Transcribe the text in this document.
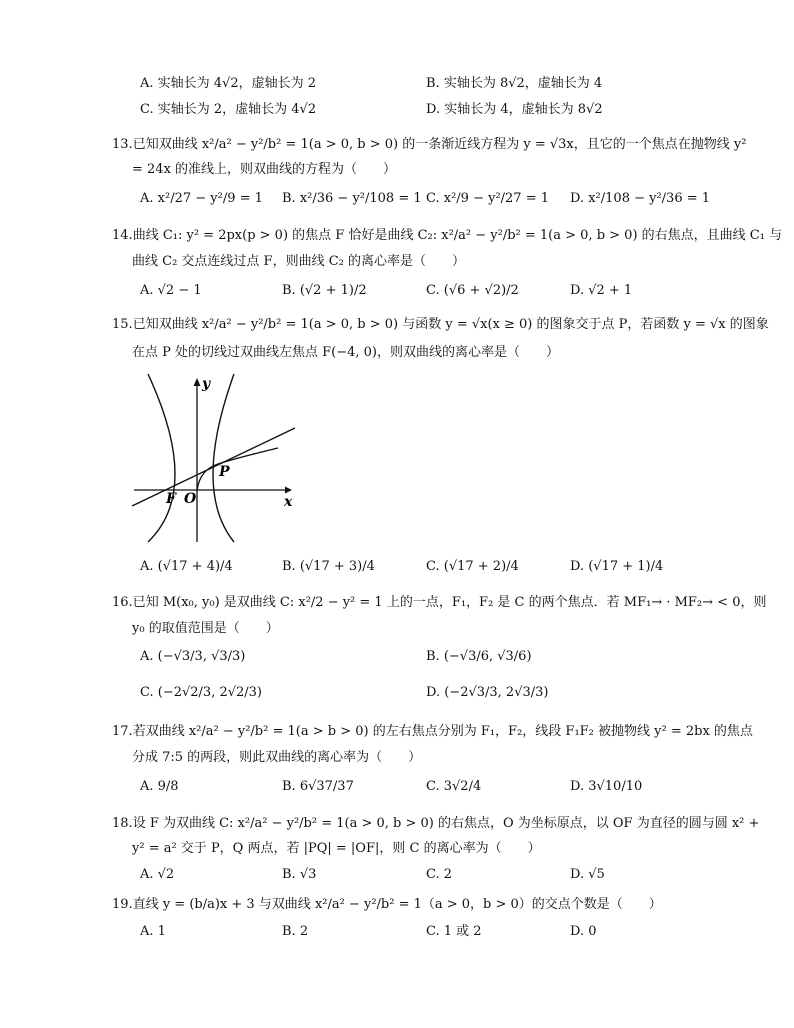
A. 实轴长为 4√2，虚轴长为 2	B. 实轴长为 8√2，虚轴长为 4
C. 实轴长为 2，虚轴长为 4√2	D. 实轴长为 4，虚轴长为 8√2
13.已知双曲线 x²/a² − y²/b² = 1(a > 0, b > 0) 的一条渐近线方程为 y = √3x，且它的一个焦点在抛物线 y²
= 24x 的准线上，则双曲线的方程为（　　）
A. x²/27 − y²/9 = 1 B. x²/36 − y²/108 = 1 C. x²/9 − y²/27 = 1 D. x²/108 − y²/36 = 1
14.曲线 C₁: y² = 2px(p > 0) 的焦点 F 恰好是曲线 C₂: x²/a² − y²/b² = 1(a > 0, b > 0) 的右焦点，且曲线 C₁ 与
曲线 C₂ 交点连线过点 F，则曲线 C₂ 的离心率是（　　）
A. √2 − 1	B. (√2 + 1)/2	C. (√6 + √2)/2	D. √2 + 1
15.已知双曲线 x²/a² − y²/b² = 1(a > 0, b > 0) 与函数 y = √x(x ≥ 0) 的图象交于点 P，若函数 y = √x 的图象
在点 P 处的切线过双曲线左焦点 F(−4, 0)，则双曲线的离心率是（　　）
y
x
O
F
P
A. (√17 + 4)/4	B. (√17 + 3)/4	C. (√17 + 2)/4	D. (√17 + 1)/4
16.已知 M(x₀, y₀) 是双曲线 C: x²/2 − y² = 1 上的一点，F₁，F₂ 是 C 的两个焦点．若 MF₁→ · MF₂→ < 0，则
y₀ 的取值范围是（　　）
A. (−√3/3, √3/3)	B. (−√3/6, √3/6)
C. (−2√2/3, 2√2/3)	D. (−2√3/3, 2√3/3)
17.若双曲线 x²/a² − y²/b² = 1(a > b > 0) 的左右焦点分别为 F₁，F₂，线段 F₁F₂ 被抛物线 y² = 2bx 的焦点
分成 7:5 的两段，则此双曲线的离心率为（　　）
A. 9/8	B. 6√37/37	C. 3√2/4	D. 3√10/10
18.设 F 为双曲线 C: x²/a² − y²/b² = 1(a > 0, b > 0) 的右焦点，O 为坐标原点，以 OF 为直径的圆与圆 x² +
y² = a² 交于 P，Q 两点，若 |PQ| = |OF|，则 C 的离心率为（　　）
A. √2	B. √3	C. 2	D. √5
19.直线 y = (b/a)x + 3 与双曲线 x²/a² − y²/b² = 1（a > 0，b > 0）的交点个数是（　　）
A. 1	B. 2	C. 1 或 2	D. 0
